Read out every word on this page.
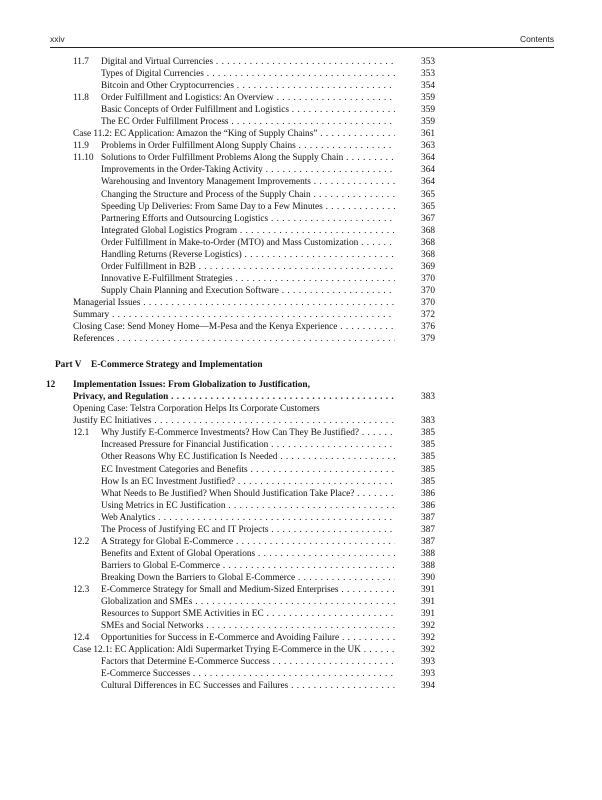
xxiv	Contents
11.7 Digital and Virtual Currencies . . .	353
Types of Digital Currencies . . .	353
Bitcoin and Other Cryptocurrencies . . .	354
11.8 Order Fulfillment and Logistics: An Overview . . .	359
Basic Concepts of Order Fulfillment and Logistics . . .	359
The EC Order Fulfillment Process . . .	359
Case 11.2: EC Application: Amazon the “King of Supply Chains” . . .	361
11.9 Problems in Order Fulfillment Along Supply Chains . . .	363
11.10 Solutions to Order Fulfillment Problems Along the Supply Chain . . .	364
Improvements in the Order-Taking Activity . . .	364
Warehousing and Inventory Management Improvements . . .	364
Changing the Structure and Process of the Supply Chain . . .	365
Speeding Up Deliveries: From Same Day to a Few Minutes . . .	365
Partnering Efforts and Outsourcing Logistics . . .	367
Integrated Global Logistics Program . . .	368
Order Fulfillment in Make-to-Order (MTO) and Mass Customization . . .	368
Handling Returns (Reverse Logistics) . . .	368
Order Fulfillment in B2B . . .	369
Innovative E-Fulfillment Strategies . . .	370
Supply Chain Planning and Execution Software . . .	370
Managerial Issues . . .	370
Summary . . .	372
Closing Case: Send Money Home—M-Pesa and the Kenya Experience . . .	376
References . . .	379
Part V E-Commerce Strategy and Implementation
12 Implementation Issues: From Globalization to Justification,
Privacy, and Regulation . . .	383
Opening Case: Telstra Corporation Helps Its Corporate Customers
Justify EC Initiatives . . .	383
12.1 Why Justify E-Commerce Investments? How Can They Be Justified? . . .	385
Increased Pressure for Financial Justification . . .	385
Other Reasons Why EC Justification Is Needed . . .	385
EC Investment Categories and Benefits . . .	385
How Is an EC Investment Justified? . . .	385
What Needs to Be Justified? When Should Justification Take Place? . . .	386
Using Metrics in EC Justification . . .	386
Web Analytics . . .	387
The Process of Justifying EC and IT Projects . . .	387
12.2 A Strategy for Global E-Commerce . . .	387
Benefits and Extent of Global Operations . . .	388
Barriers to Global E-Commerce . . .	388
Breaking Down the Barriers to Global E-Commerce . . .	390
12.3 E-Commerce Strategy for Small and Medium-Sized Enterprises . . .	391
Globalization and SMEs . . .	391
Resources to Support SME Activities in EC . . .	391
SMEs and Social Networks . . .	392
12.4 Opportunities for Success in E-Commerce and Avoiding Failure . . .	392
Case 12.1: EC Application: Aldi Supermarket Trying E-Commerce in the UK . . .	392
Factors that Determine E-Commerce Success . . .	393
E-Commerce Successes . . .	393
Cultural Differences in EC Successes and Failures . . .	394
